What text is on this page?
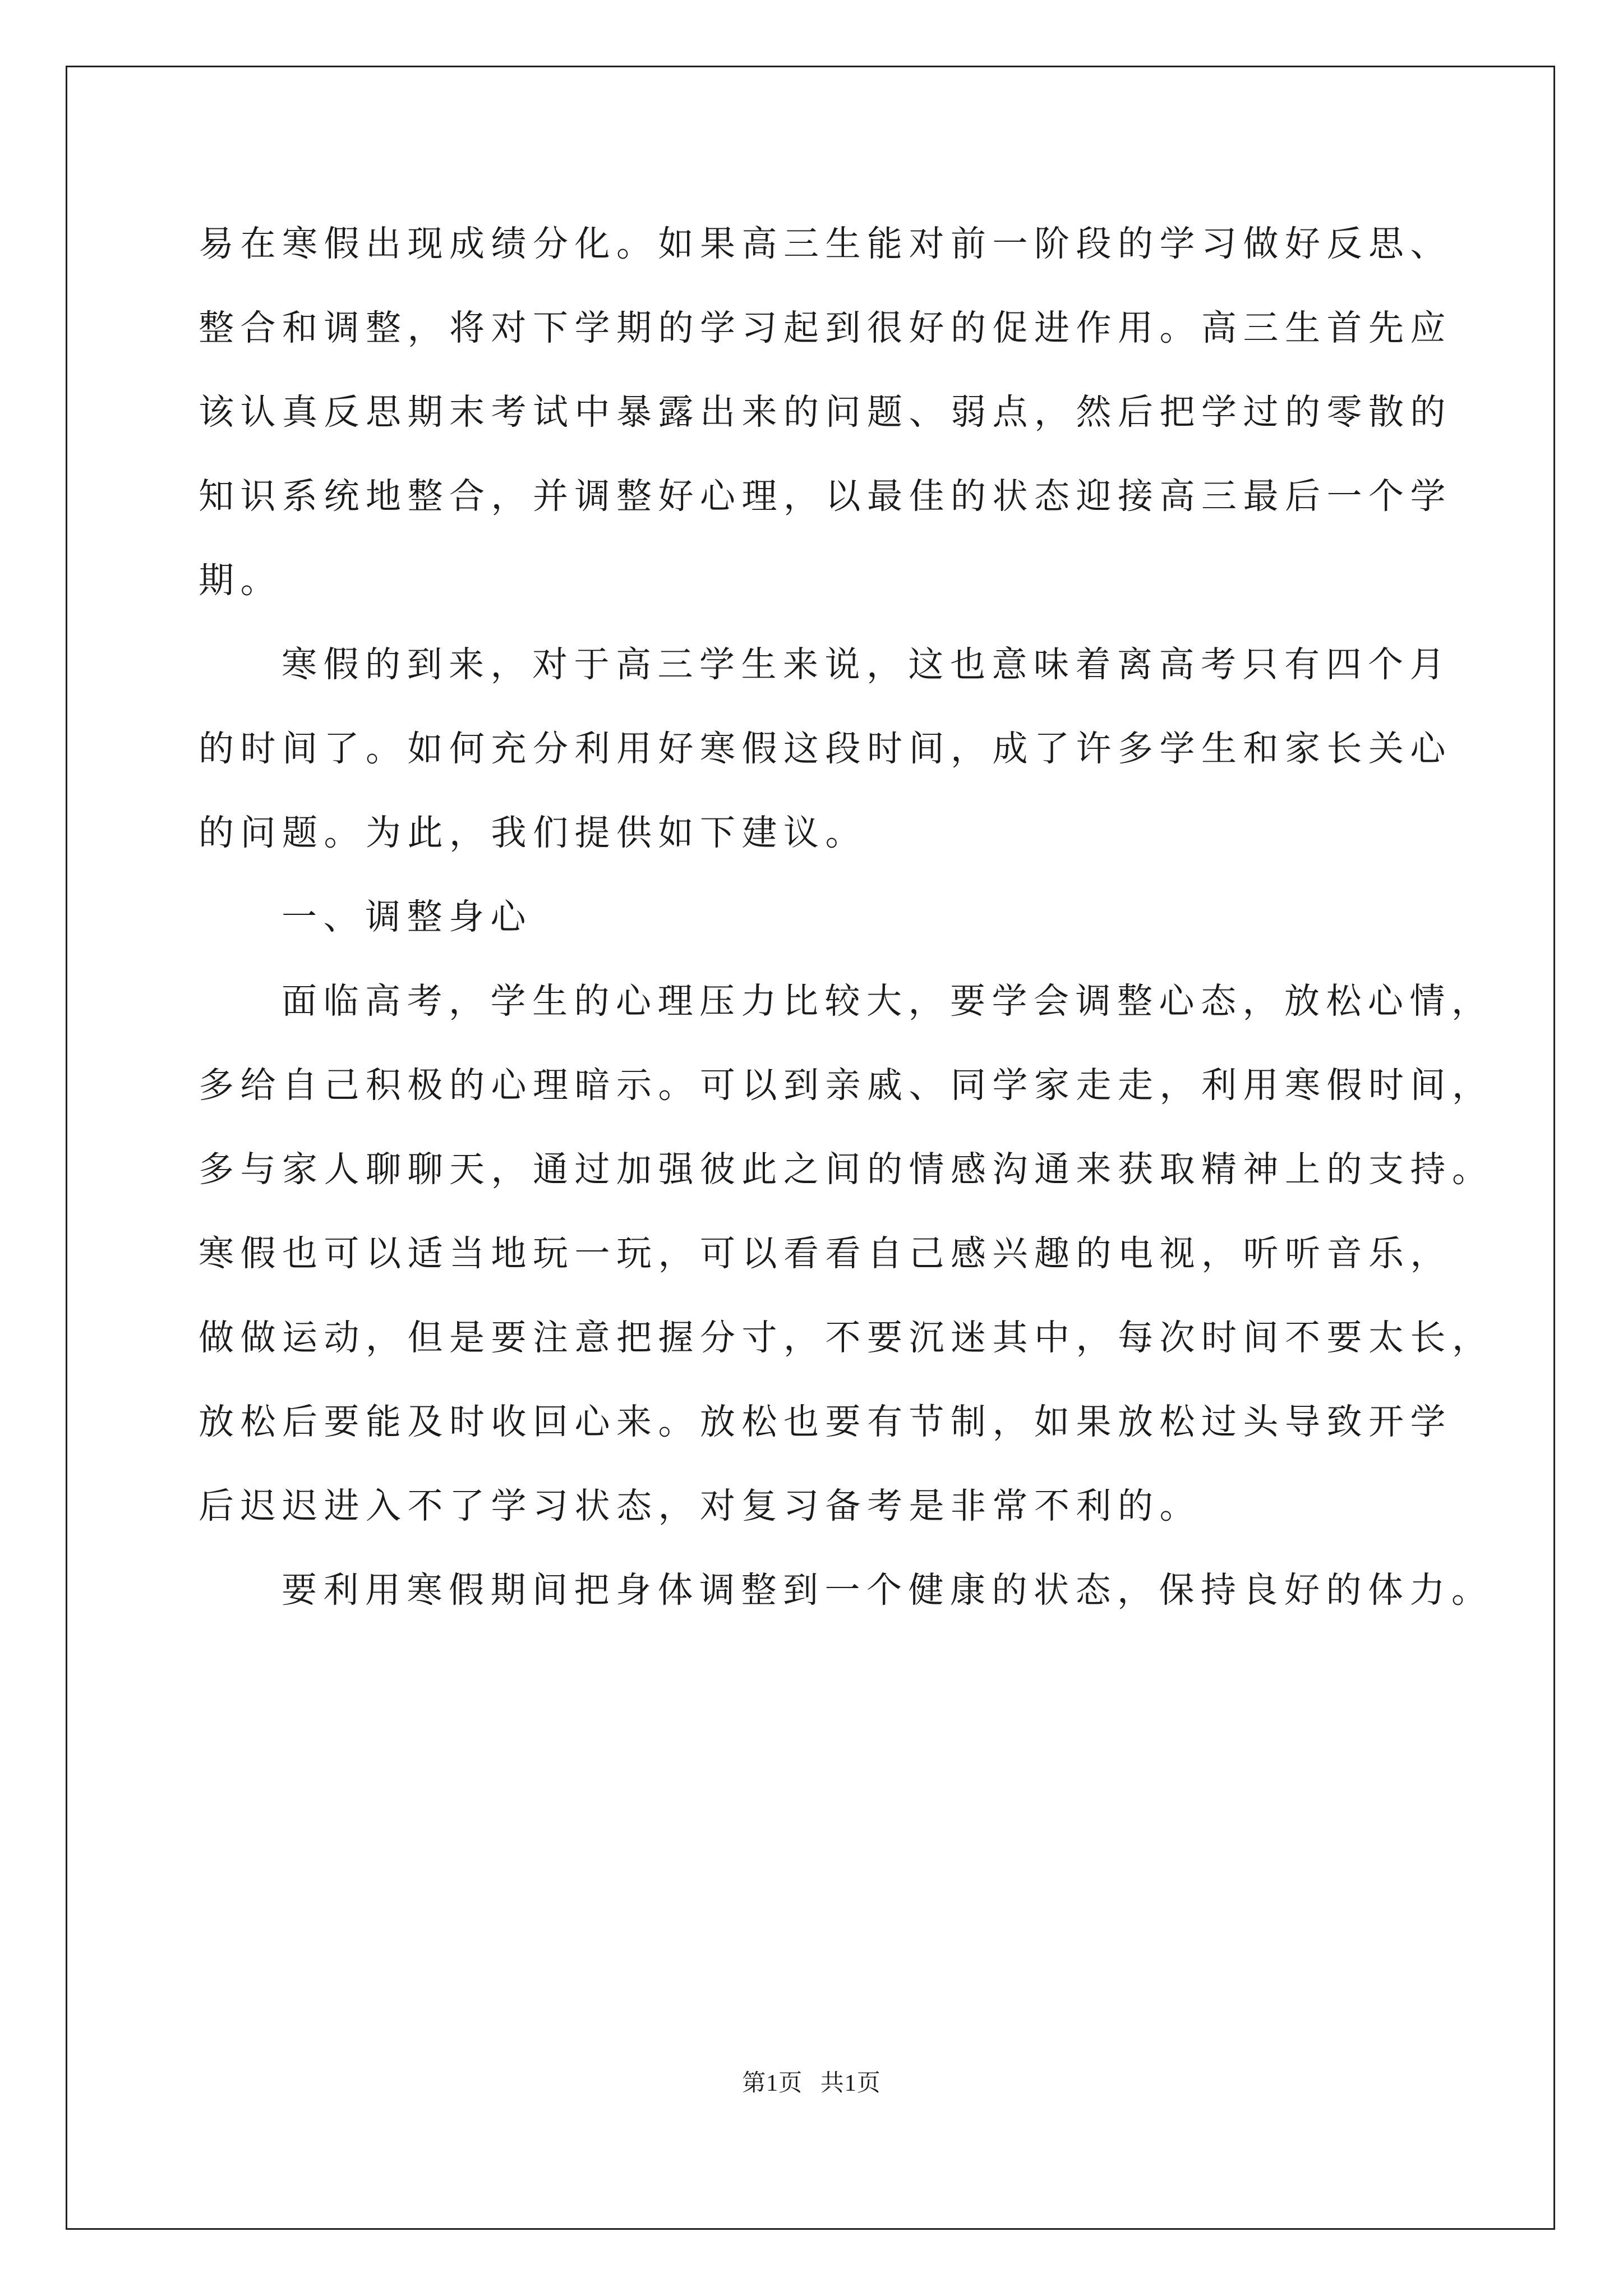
易在寒假出现成绩分化。如果高三生能对前一阶段的学习做好反思、
整合和调整，将对下学期的学习起到很好的促进作用。高三生首先应
该认真反思期末考试中暴露出来的问题、弱点，然后把学过的零散的
知识系统地整合，并调整好心理，以最佳的状态迎接高三最后一个学
期。
寒假的到来，对于高三学生来说，这也意味着离高考只有四个月
的时间了。如何充分利用好寒假这段时间，成了许多学生和家长关心
的问题。为此，我们提供如下建议。
一、调整身心
面临高考，学生的心理压力比较大，要学会调整心态，放松心情，
多给自己积极的心理暗示。可以到亲戚、同学家走走，利用寒假时间，
多与家人聊聊天，通过加强彼此之间的情感沟通来获取精神上的支持。
寒假也可以适当地玩一玩，可以看看自己感兴趣的电视，听听音乐，
做做运动，但是要注意把握分寸，不要沉迷其中，每次时间不要太长，
放松后要能及时收回心来。放松也要有节制，如果放松过头导致开学
后迟迟进入不了学习状态，对复习备考是非常不利的。
要利用寒假期间把身体调整到一个健康的状态，保持良好的体力。
第1页 共1页
